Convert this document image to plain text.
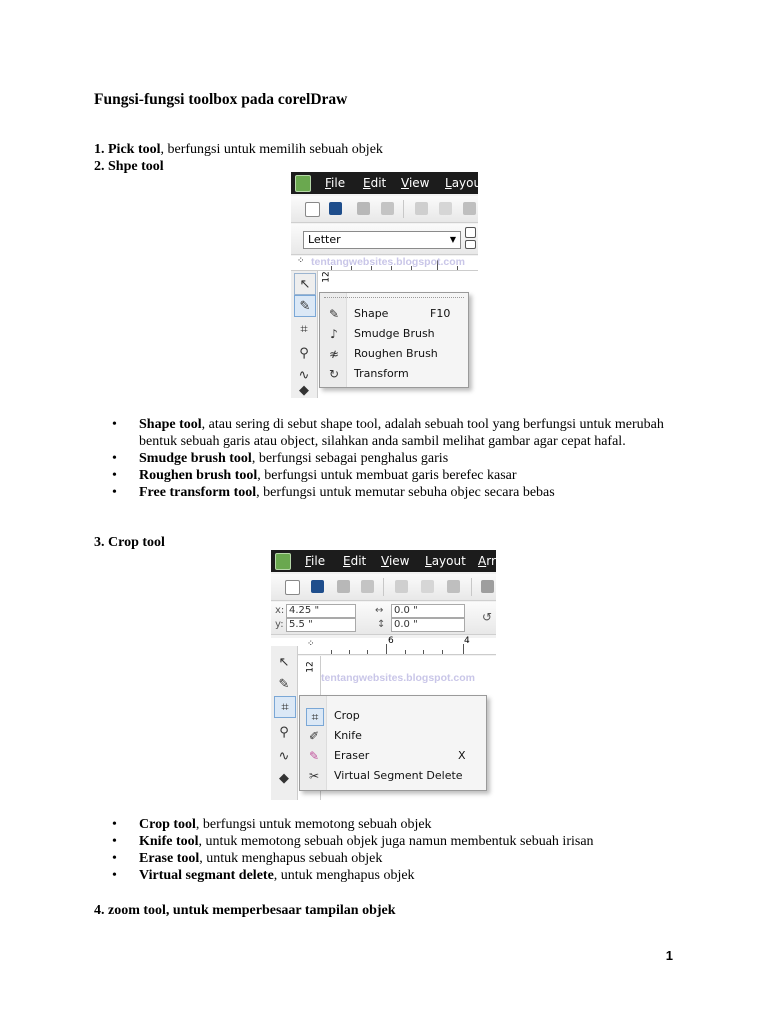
Fungsi-fungsi toolbox pada corelDraw
1. Pick tool, berfungsi untuk memilih sebuah objek
2. Shpe tool
File Edit View Layou
Letter	▼
⁘ tentangwebsites.blogspot.com
↖
✎
⌗
⚲
∿
◆
12
✎ Shape	F10
♪	Smudge Brush
≉ Roughen Brush
↻ Transform
• Shape tool, atau sering di sebut shape tool, adalah sebuah tool yang berfungsi untuk merubah bentuk sebuah garis atau object, silahkan anda sambil melihat gambar agar cepat hafal.
• Smudge brush tool, berfungsi sebagai penghalus garis
• Roughen brush tool, berfungsi untuk membuat garis berefec kasar
• Free transform tool, berfungsi untuk memutar sebuha objec secara bebas
3. Crop tool
File Edit View Layout Arr
x: 4.25 "
y: 5.5 "
↔	0.0 "
↕ 0.0 "
↺
⁘	6	4
↖
✎
⌗
⚲
∿
◆
12
tentangwebsites.blogspot.com
⌗	Crop
✐ Knife
✎ Eraser	X
✂ Virtual Segment Delete
• Crop tool, berfungsi untuk memotong sebuah objek
• Knife tool, untuk memotong sebuah objek juga namun membentuk sebuah irisan
• Erase tool, untuk menghapus sebuah objek
• Virtual segmant delete, untuk menghapus objek
4. zoom tool, untuk memperbesaar tampilan objek
1
